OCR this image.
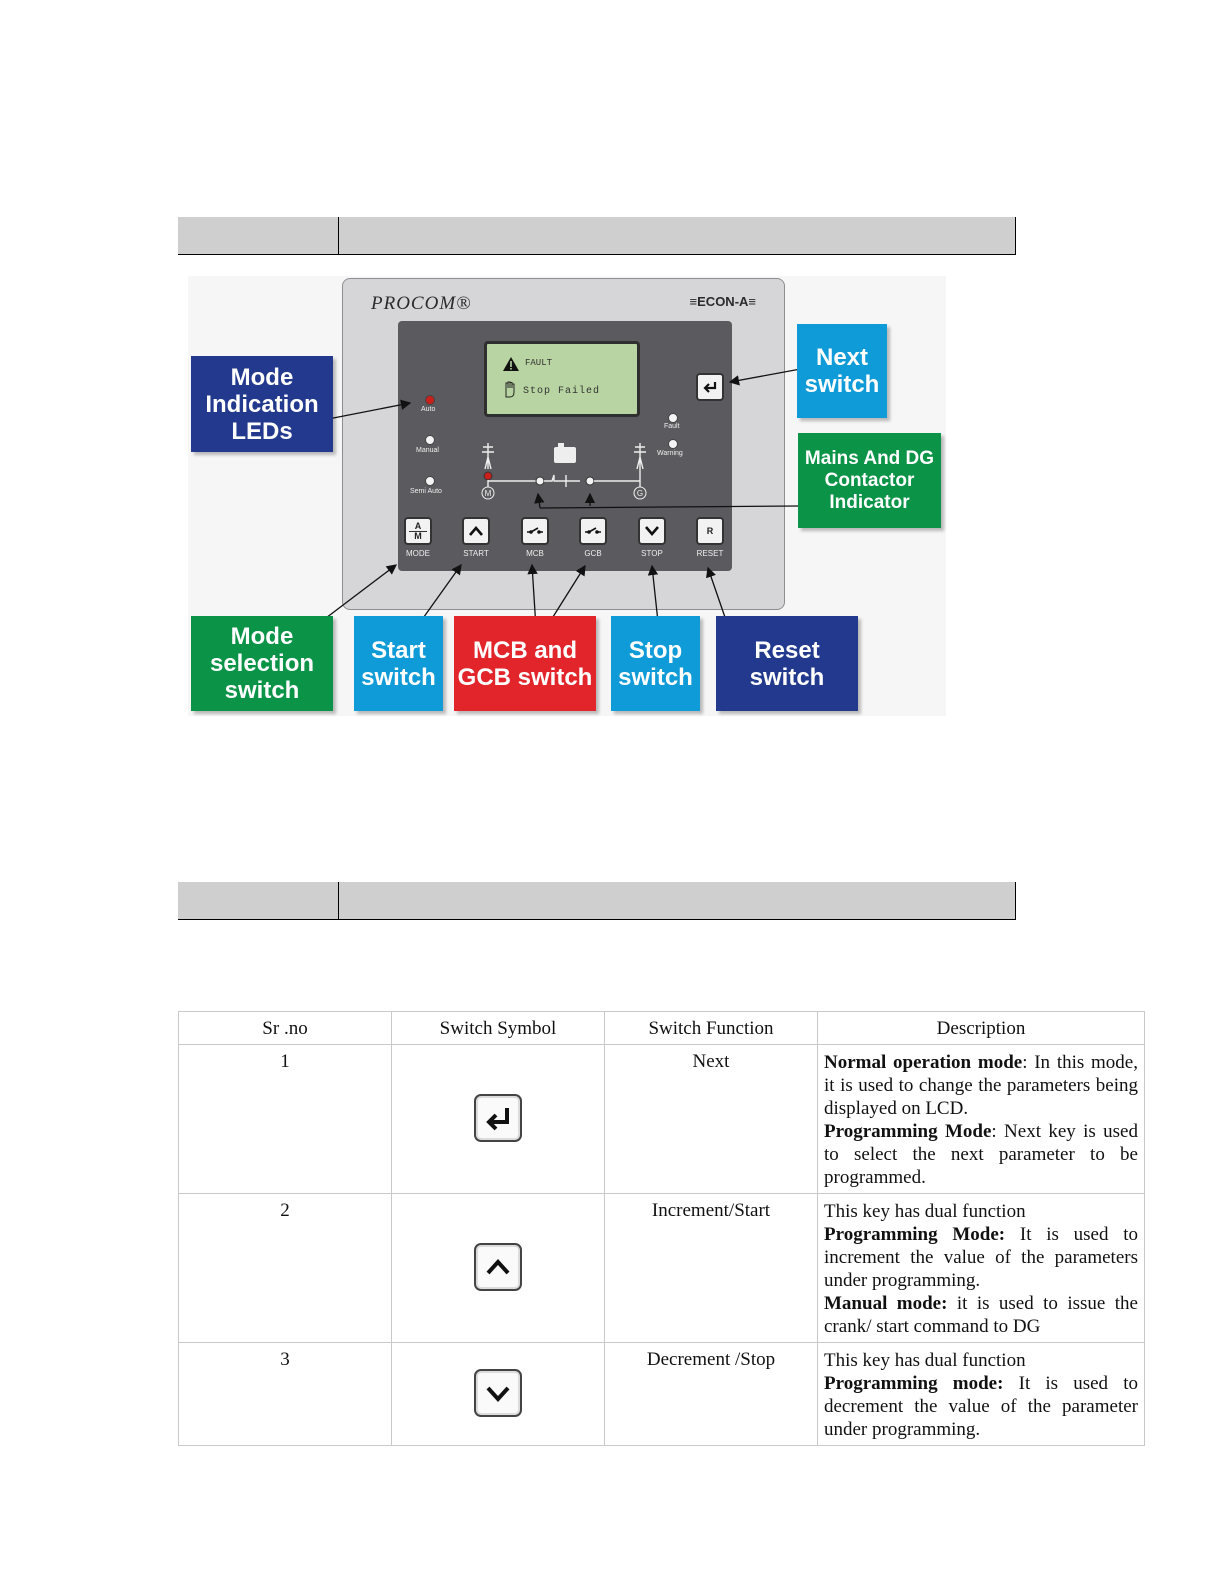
PROCOM®	≡ECON-A≡
FAULT
Stop Failed
Auto
Manual
Semi Auto
Fault
Warning
M	G
A
M
MODE	START	MCB	GCB	STOP
R
RESET
Mode
Indication
LEDs
Next
switch
Mains And DG
Contactor
Indicator
Mode
selection
switch
Start
switch
MCB and
GCB switch
Stop
switch
Reset
switch
Sr .no	Switch Symbol	Switch Function	Description
1		Next	Normal operation mode: In this mode, it is used to change the parameters being displayed on LCD.
Programming Mode: Next key is used to select the next parameter to be programmed.

2		Increment/Start	This key has dual function
Programming Mode: It is used to increment the value of the parameters under programming.
Manual mode: it is used to issue the crank/ start command to DG

3		Decrement /Stop	This key has dual function
Programming mode: It is used to decrement the value of the parameter under programming.
